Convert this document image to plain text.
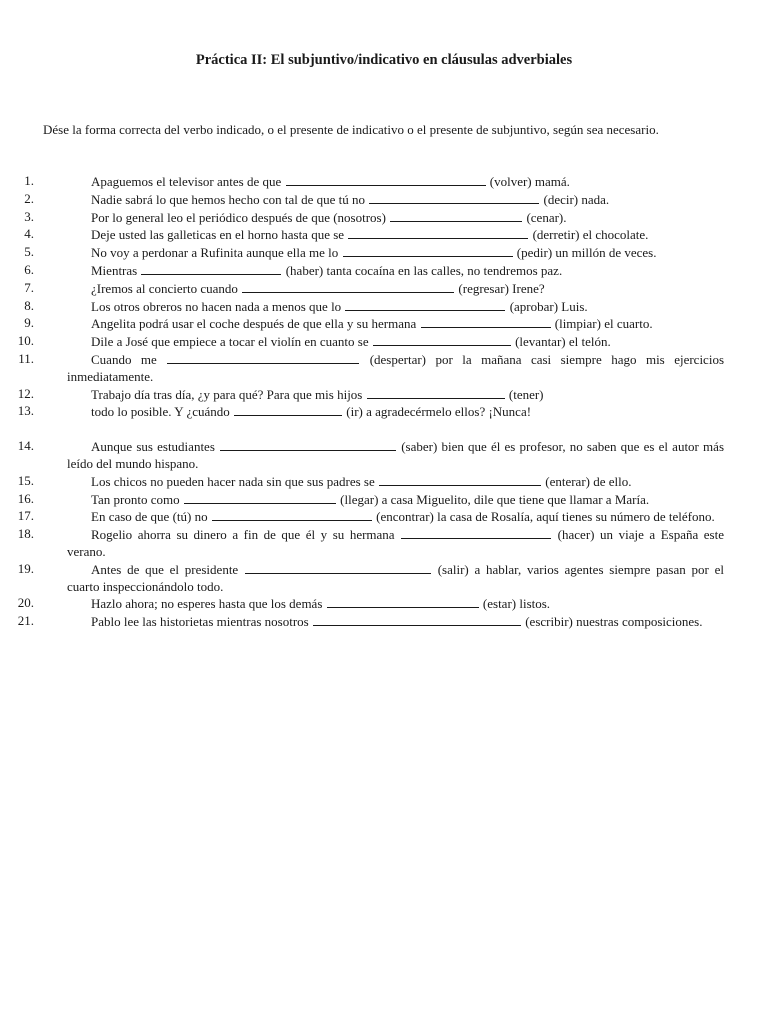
Práctica II: El subjuntivo/indicativo en cláusulas adverbiales
Dése la forma correcta del verbo indicado, o el presente de indicativo o el presente de subjuntivo, según sea necesario.
1.	Apaguemos el televisor antes de que	(volver) mamá.
2.	Nadie sabrá lo que hemos hecho con tal de que tú no	(decir) nada.
3.	Por lo general leo el periódico después de que (nosotros)	(cenar).
4.	Deje usted las galleticas en el horno hasta que se	(derretir) el chocolate.
5.	No voy a perdonar a Rufinita aunque ella me lo	(pedir) un millón de veces.
6.	Mientras	(haber) tanta cocaína en las calles, no tendremos paz.
7.	¿Iremos al concierto cuando	(regresar) Irene?
8.	Los otros obreros no hacen nada a menos que lo	(aprobar) Luis.
9.	Angelita podrá usar el coche después de que ella y su hermana	(limpiar) el cuarto.
10.	Dile a José que empiece a tocar el violín en cuanto se	(levantar) el telón.
11.	Cuando me	(despertar) por la mañana casi siempre hago mis ejercicios inmediatamente.
12.	Trabajo día tras día, ¿y para qué? Para que mis hijos	(tener)
13.	todo lo posible. Y ¿cuándo	(ir) a agradecérmelo ellos? ¡Nunca!
14.	Aunque sus estudiantes	(saber) bien que él es profesor, no saben que es el autor más leído del mundo hispano.
15.	Los chicos no pueden hacer nada sin que sus padres se	(enterar) de ello.
16.	Tan pronto como	(llegar) a casa Miguelito, dile que tiene que llamar a María.
17.	En caso de que (tú) no	(encontrar) la casa de Rosalía, aquí tienes su número de teléfono.
18.	Rogelio ahorra su dinero a fin de que él y su hermana	(hacer) un viaje a España este verano.
19.	Antes de que el presidente	(salir) a hablar, varios agentes siempre pasan por el cuarto inspeccionándolo todo.
20.	Hazlo ahora; no esperes hasta que los demás	(estar) listos.
21.	Pablo lee las historietas mientras nosotros	(escribir) nuestras composiciones.
